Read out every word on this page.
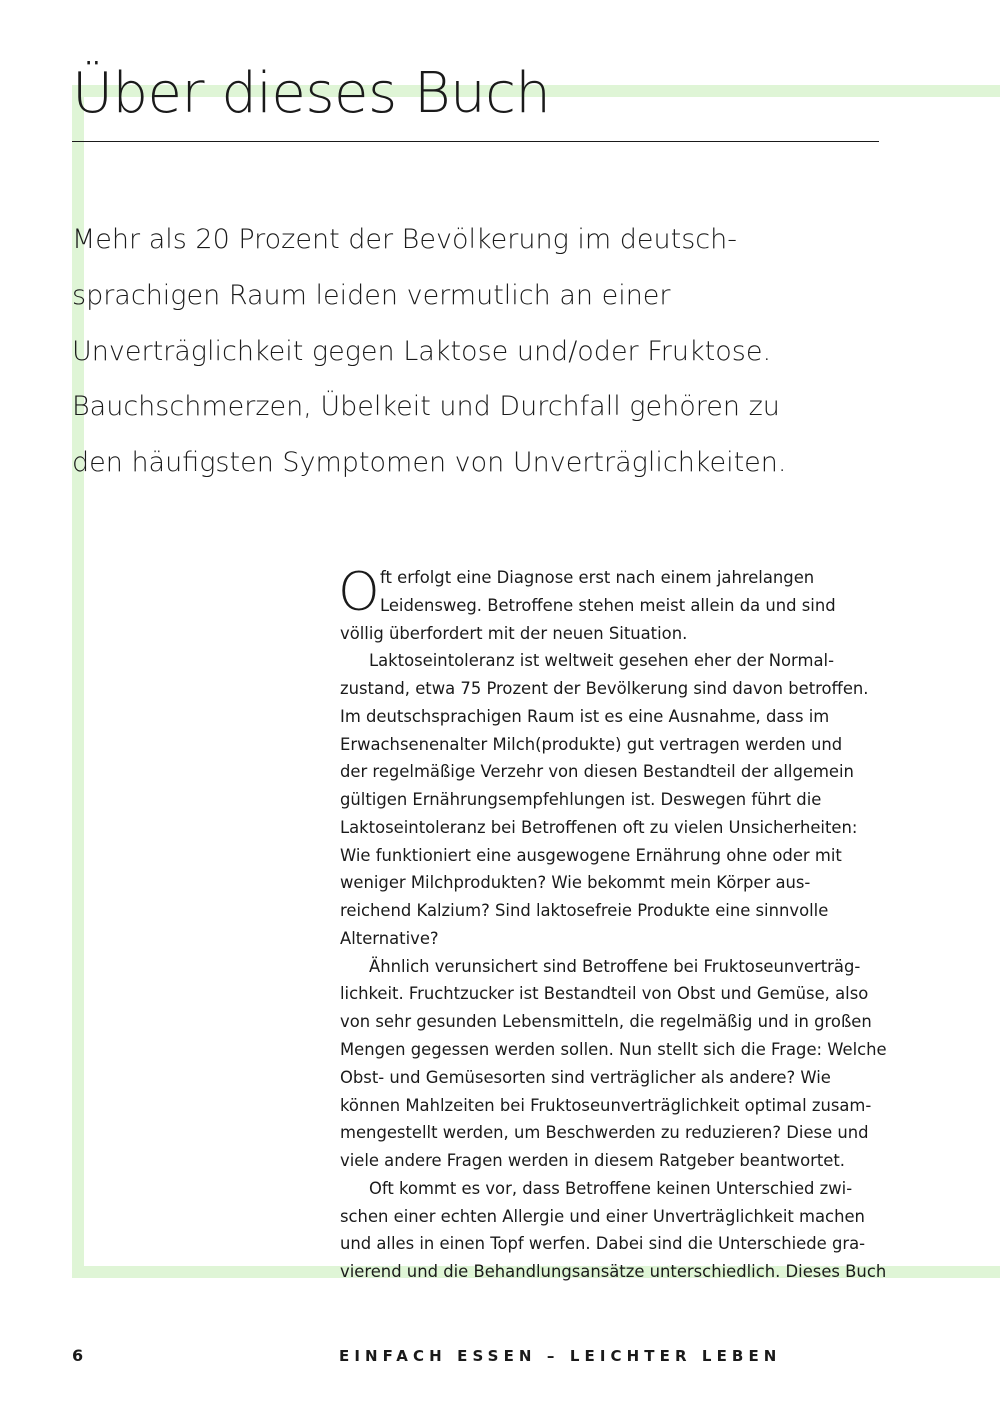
Über dieses Buch

Mehr als 20 Prozent der Bevölkerung im deutsch-
sprachigen Raum leiden vermutlich an einer
Unverträglichkeit gegen Laktose und/oder Fruktose.
Bauchschmerzen, Übelkeit und Durchfall gehören zu
den häufigsten Symptomen von Unverträglichkeiten.

O ft erfolgt eine Diagnose erst nach einem jahrelangen
Leidensweg. Betroffene stehen meist allein da und sind
völlig überfordert mit der neuen Situation.
Laktoseintoleranz ist weltweit gesehen eher der Normal-
zustand, etwa 75 Prozent der Bevölkerung sind davon betroffen.
Im deutschsprachigen Raum ist es eine Ausnahme, dass im
Erwachsenenalter Milch(produkte) gut vertragen werden und
der regelmäßige Verzehr von diesen Bestandteil der allgemein
gültigen Ernährungsempfehlungen ist. Deswegen führt die
Laktoseintoleranz bei Betroffenen oft zu vielen Unsicherheiten:
Wie funktioniert eine ausgewogene Ernährung ohne oder mit
weniger Milchprodukten? Wie bekommt mein Körper aus-
reichend Kalzium? Sind laktosefreie Produkte eine sinnvolle
Alternative?
Ähnlich verunsichert sind Betroffene bei Fruktoseunverträg-
lichkeit. Fruchtzucker ist Bestandteil von Obst und Gemüse, also
von sehr gesunden Lebensmitteln, die regelmäßig und in großen
Mengen gegessen werden sollen. Nun stellt sich die Frage: Welche
Obst- und Gemüsesorten sind verträglicher als andere? Wie
können Mahlzeiten bei Fruktoseunverträglichkeit optimal zusam-
mengestellt werden, um Beschwerden zu reduzieren? Diese und
viele andere Fragen werden in diesem Ratgeber beantwortet.
Oft kommt es vor, dass Betroffene keinen Unterschied zwi-
schen einer echten Allergie und einer Unverträglichkeit machen
und alles in einen Topf werfen. Dabei sind die Unterschiede gra-
vierend und die Behandlungsansätze unterschiedlich. Dieses Buch
6	EINFACH ESSEN – LEICHTER LEBEN
